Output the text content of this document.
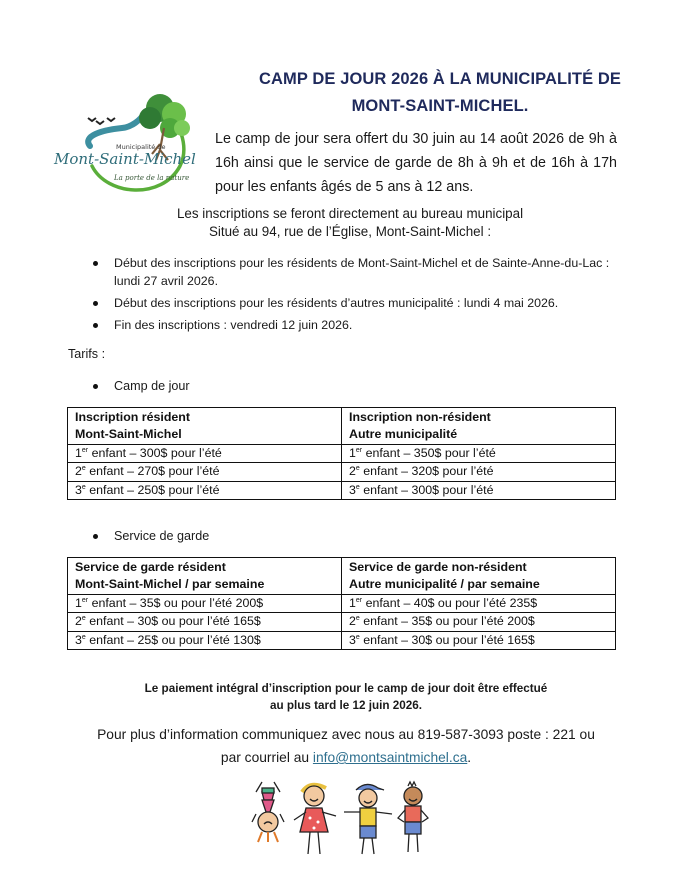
CAMP DE JOUR 2026 À LA MUNICIPALITÉ DE
MONT-SAINT-MICHEL.
Municipalité de
Mont-Saint-Michel
La porte de la nature
Le camp de jour sera offert du 30 juin au 14 août 2026 de 9h à 16h ainsi que le service de garde de 8h à 9h et de 16h à 17h pour les enfants âgés de 5 ans à 12 ans.
Les inscriptions se feront directement au bureau municipal
Situé au 94, rue de l’Église, Mont-Saint-Michel :
Début des inscriptions pour les résidents de Mont-Saint-Michel et de Sainte-Anne-du-Lac : lundi 27 avril 2026.
Début des inscriptions pour les résidents d’autres municipalité : lundi 4 mai 2026.
Fin des inscriptions : vendredi 12 juin 2026.
Tarifs :
Camp de jour
Inscription résident
Mont-Saint-Michel	Inscription non-résident
Autre municipalité

1er enfant – 300$ pour l’été	1er enfant – 350$ pour l’été
2e enfant – 270$ pour l’été	2e enfant – 320$ pour l’été
3e enfant – 250$ pour l’été	3e enfant – 300$ pour l’été
Service de garde
Service de garde résident
Mont-Saint-Michel / par semaine	Service de garde non-résident
Autre municipalité / par semaine

1er enfant – 35$ ou pour l’été 200$	1er enfant – 40$ ou pour l’été 235$
2e enfant – 30$ ou pour l’été 165$	2e enfant – 35$ ou pour l’été 200$
3e enfant – 25$ ou pour l’été 130$	3e enfant – 30$ ou pour l’été 165$
Le paiement intégral d’inscription pour le camp de jour doit être effectué
au plus tard le 12 juin 2026.
Pour plus d’information communiquez avec nous au 819-587-3093 poste : 221 ou
par courriel au info@montsaintmichel.ca.
